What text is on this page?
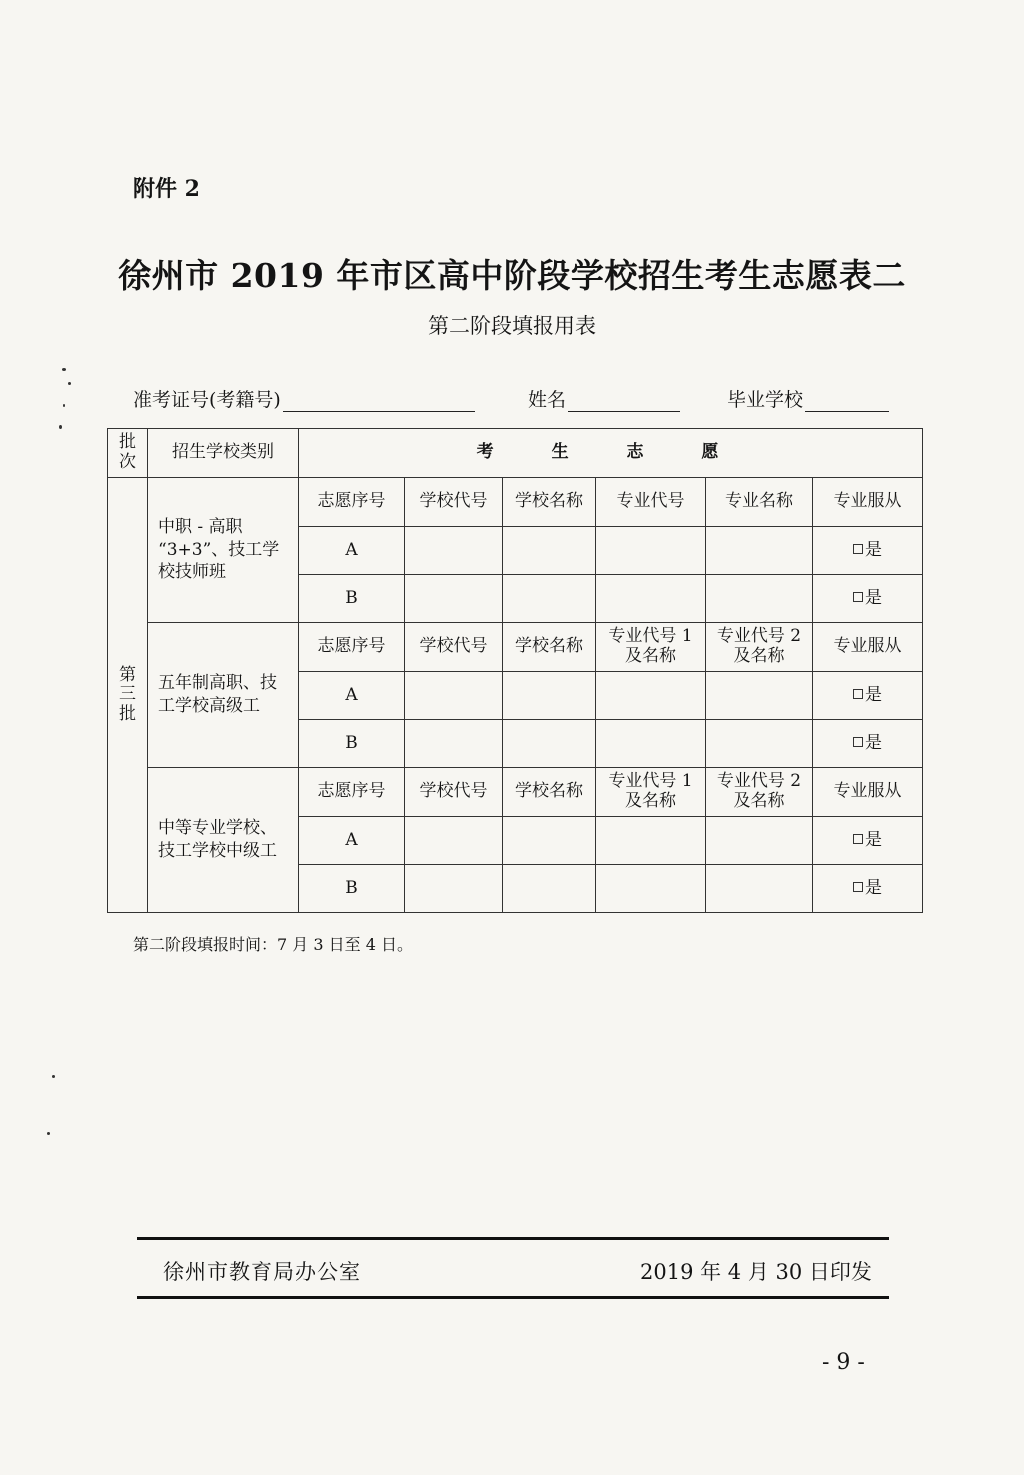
附件 2
徐州市 2019 年市区高中阶段学校招生考生志愿表二
第二阶段填报用表
准考证号(考籍号)	姓名	毕业学校
批次	招生学校类别	考 生 志 愿					
第三批	中职 - 高职 “3+3”、技工学校技师班	志愿序号	学校代号	学校名称	专业代号	专业名称	专业服从
		A					是
		B					是
	五年制高职、技工学校高级工	志愿序号	学校代号	学校名称	专业代号 1 及名称	专业代号 2 及名称	专业服从
		A					是
		B					是
	中等专业学校、技工学校中级工	志愿序号	学校代号	学校名称	专业代号 1 及名称	专业代号 2 及名称	专业服从
		A					是
		B					是
第二阶段填报时间：7 月 3 日至 4 日。
徐州市教育局办公室	2019 年 4 月 30 日印发
- 9 -
